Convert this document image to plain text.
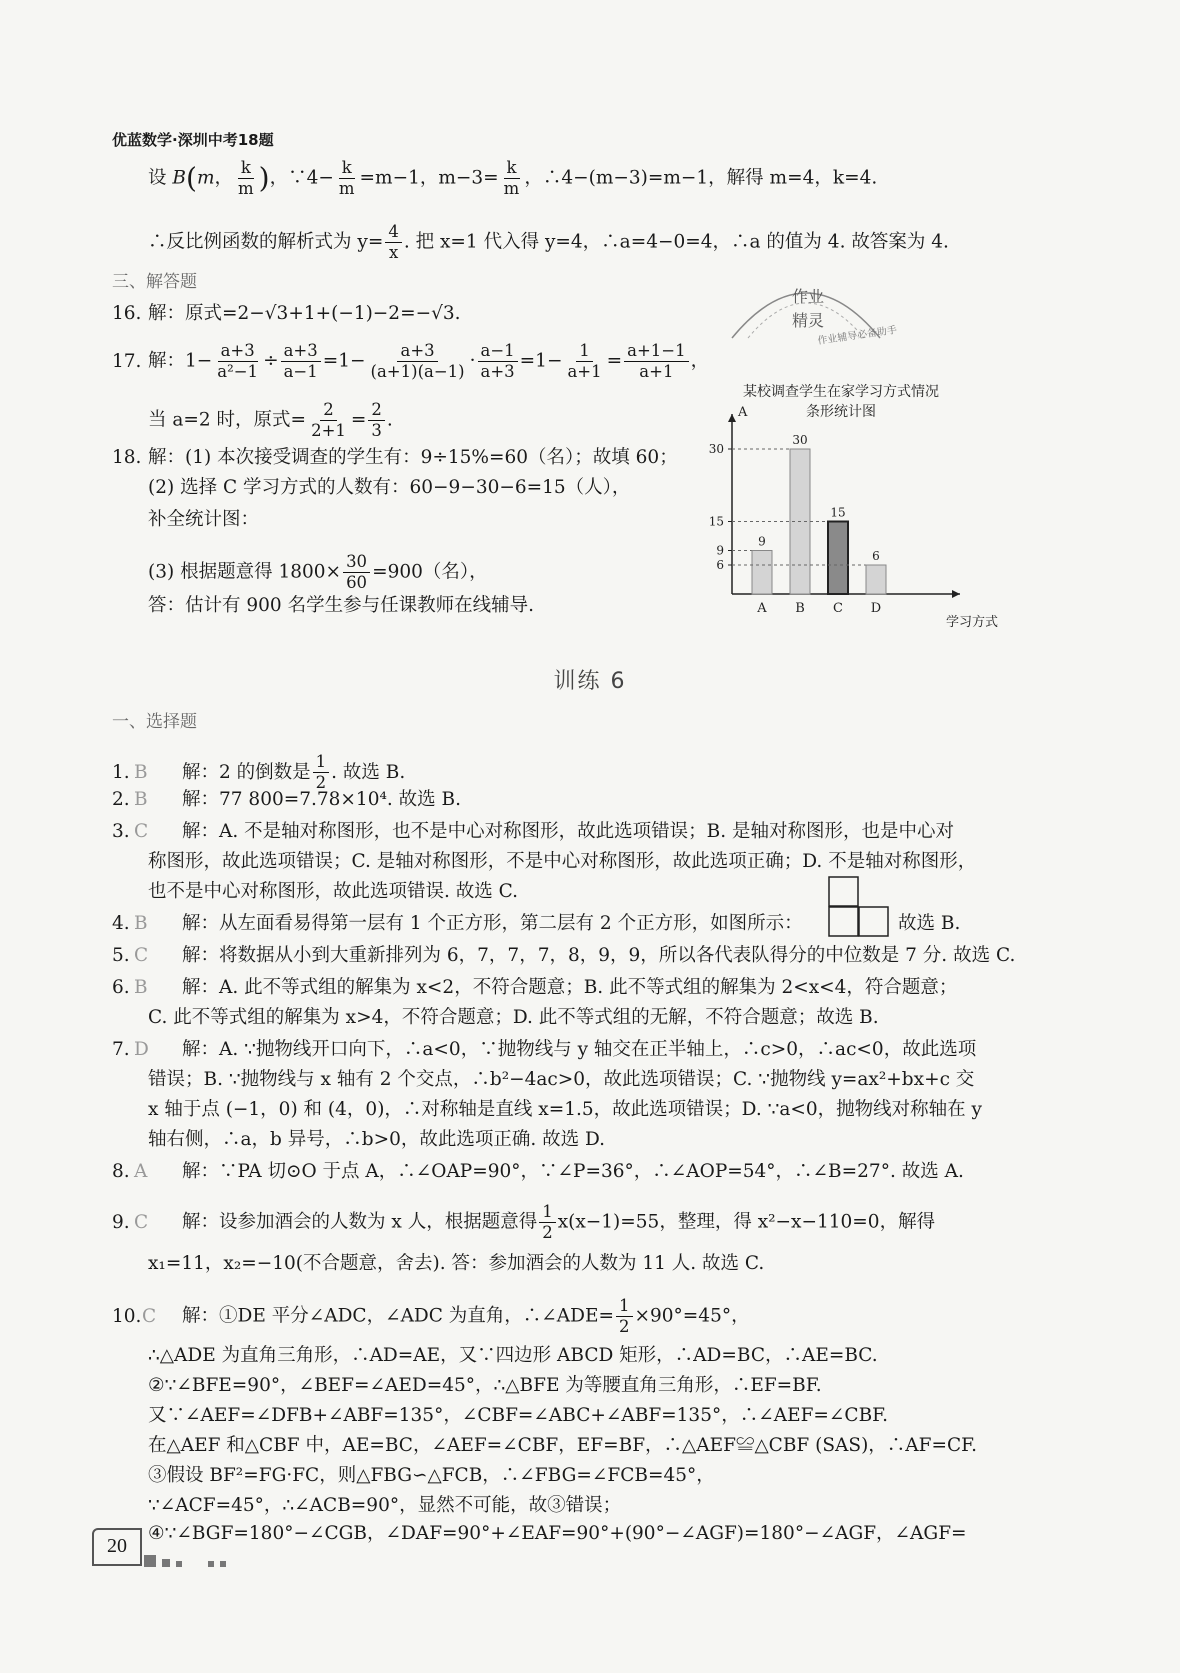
优蓝数学·深圳中考18题
设 B(m， $\frac{k}{m}$ )，∵4− $\frac{k}{m} =m-1$，$m-3= \frac{k}{m}$ ，∴4−(m−3)=m−1，解得 m=4，k=4.
∴反比例函数的解析式为 $y= \frac{4}{x}$ . 把 x=1 代入得 y=4，∴a=4−0=4，∴a 的值为 4. 故答案为 4.
三、解答题
作业
精灵
作业辅导必备助手
16. 解：原式=2−√3+1+(−1)−2=−√3.
17. 解：$1- \frac{a+3}{\text{a²−1}} \div \frac{a+3}{a-1} =1- \frac{a+3}{(a+1)(a-1)} \cdot \frac{a-1}{a+3} =1- \frac{1}{a+1} = \frac{a+1-1}{a+1}$ ，
当 a=2 时，原式= $\frac{2}{2+1} = \frac{2}{3}$ .
18. 解：(1) 本次接受调查的学生有：9÷15%=60（名）；故填 60；
(2) 选择 C 学习方式的人数有：60−9−30−6=15（人），
补全统计图：
(3) 根据题意得 $1800\times \frac{30}{60} =900$（名），
答：估计有 900 名学生参与任课教师在线辅导.
某校调查学生在家学习方式情况
条形统计图
A
学习方式
6
9
15
30
9
A
30
B
15
C
6
D
训练 6
一、选择题
1. B 解：2 的倒数是 $\frac{1}{2}$ . 故选 B.
2. B 解：77 800=7.78×10⁴. 故选 B.
3. C 解：A. 不是轴对称图形，也不是中心对称图形，故此选项错误；B. 是轴对称图形，也是中心对
称图形，故此选项错误；C. 是轴对称图形，不是中心对称图形，故此选项正确；D. 不是轴对称图形，
也不是中心对称图形，故此选项错误. 故选 C.
4. B 解：从左面看易得第一层有 1 个正方形，第二层有 2 个正方形，如图所示：	故选 B.
5. C 解：将数据从小到大重新排列为 6，7，7，7，8，9，9，所以各代表队得分的中位数是 7 分. 故选 C.
6. B 解：A. 此不等式组的解集为 x<2，不符合题意；B. 此不等式组的解集为 2<x<4，符合题意；
C. 此不等式组的解集为 x>4，不符合题意；D. 此不等式组的无解，不符合题意；故选 B.
7. D 解：A. ∵抛物线开口向下，∴a<0，∵抛物线与 y 轴交在正半轴上，∴c>0，∴ac<0，故此选项
错误；B. ∵抛物线与 x 轴有 2 个交点，∴b²−4ac>0，故此选项错误；C. ∵抛物线 y=ax²+bx+c 交
x 轴于点 (−1，0) 和 (4，0)，∴对称轴是直线 x=1.5，故此选项错误；D. ∵a<0，抛物线对称轴在 y
轴右侧，∴a，b 异号，∴b>0，故此选项正确. 故选 D.
8. A 解：∵PA 切⊙O 于点 A，∴∠OAP=90°，∵∠P=36°，∴∠AOP=54°，∴∠B=27°. 故选 A.
9. C 解：设参加酒会的人数为 x 人，根据题意得 $\frac{1}{2} x(x-1)=55$，整理，得 x²−x−110=0，解得
x₁=11，x₂=−10(不合题意，舍去). 答：参加酒会的人数为 11 人. 故选 C.
10.C 解：①DE 平分∠ADC，∠ADC 为直角，∴∠ADE= $\frac{1}{2} \times 90^\circ=45^\circ$，
∴△ADE 为直角三角形，∴AD=AE，又∵四边形 ABCD 矩形，∴AD=BC，∴AE=BC.
②∵∠BFE=90°，∠BEF=∠AED=45°，∴△BFE 为等腰直角三角形，∴EF=BF.
又∵∠AEF=∠DFB+∠ABF=135°，∠CBF=∠ABC+∠ABF=135°，∴∠AEF=∠CBF.
在△AEF 和△CBF 中，AE=BC，∠AEF=∠CBF，EF=BF，∴△AEF≌△CBF (SAS)，∴AF=CF.
③假设 BF²=FG·FC，则△FBG∽△FCB，∴∠FBG=∠FCB=45°，
∵∠ACF=45°，∴∠ACB=90°，显然不可能，故③错误；
④∵∠BGF=180°−∠CGB，∠DAF=90°+∠EAF=90°+(90°−∠AGF)=180°−∠AGF，∠AGF=
20
